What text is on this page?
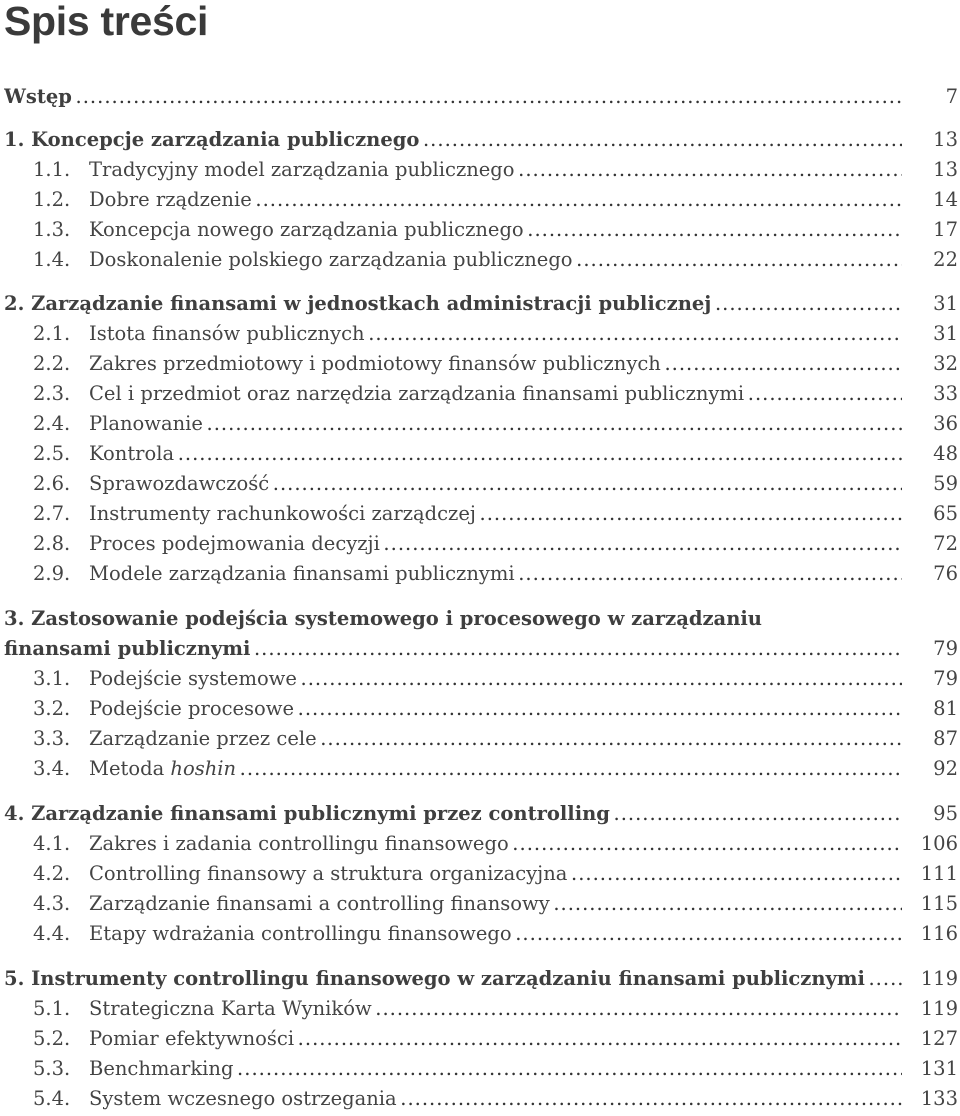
Spis treści
Wstęp . . .	7
1. Koncepcje zarządzania publicznego . . .	13
1.1. Tradycyjny model zarządzania publicznego . . .	13
1.2. Dobre rządzenie . . .	14
1.3. Koncepcja nowego zarządzania publicznego . . .	17
1.4. Doskonalenie polskiego zarządzania publicznego . . .	22
2. Zarządzanie finansami w jednostkach administracji publicznej . . .	31
2.1. Istota finansów publicznych . . .	31
2.2. Zakres przedmiotowy i podmiotowy finansów publicznych . . .	32
2.3. Cel i przedmiot oraz narzędzia zarządzania finansami publicznymi . . .	33
2.4. Planowanie . . .	36
2.5. Kontrola . . .	48
2.6. Sprawozdawczość . . .	59
2.7. Instrumenty rachunkowości zarządczej . . .	65
2.8. Proces podejmowania decyzji . . .	72
2.9. Modele zarządzania finansami publicznymi . . .	76
3. Zastosowanie podejścia systemowego i procesowego w zarządzaniu
finansami publicznymi . . .	79
3.1. Podejście systemowe . . .	79
3.2. Podejście procesowe . . .	81
3.3. Zarządzanie przez cele . . .	87
3.4. Metoda hoshin . . .	92
4. Zarządzanie finansami publicznymi przez controlling . . .	95
4.1. Zakres i zadania controllingu finansowego . . .	106
4.2. Controlling finansowy a struktura organizacyjna . . .	111
4.3. Zarządzanie finansami a controlling finansowy . . .	115
4.4. Etapy wdrażania controllingu finansowego . . .	116
5. Instrumenty controllingu finansowego w zarządzaniu finansami publicznymi . . .	119
5.1. Strategiczna Karta Wyników . . .	119
5.2. Pomiar efektywności . . .	127
5.3. Benchmarking . . .	131
5.4. System wczesnego ostrzegania . . .	133
